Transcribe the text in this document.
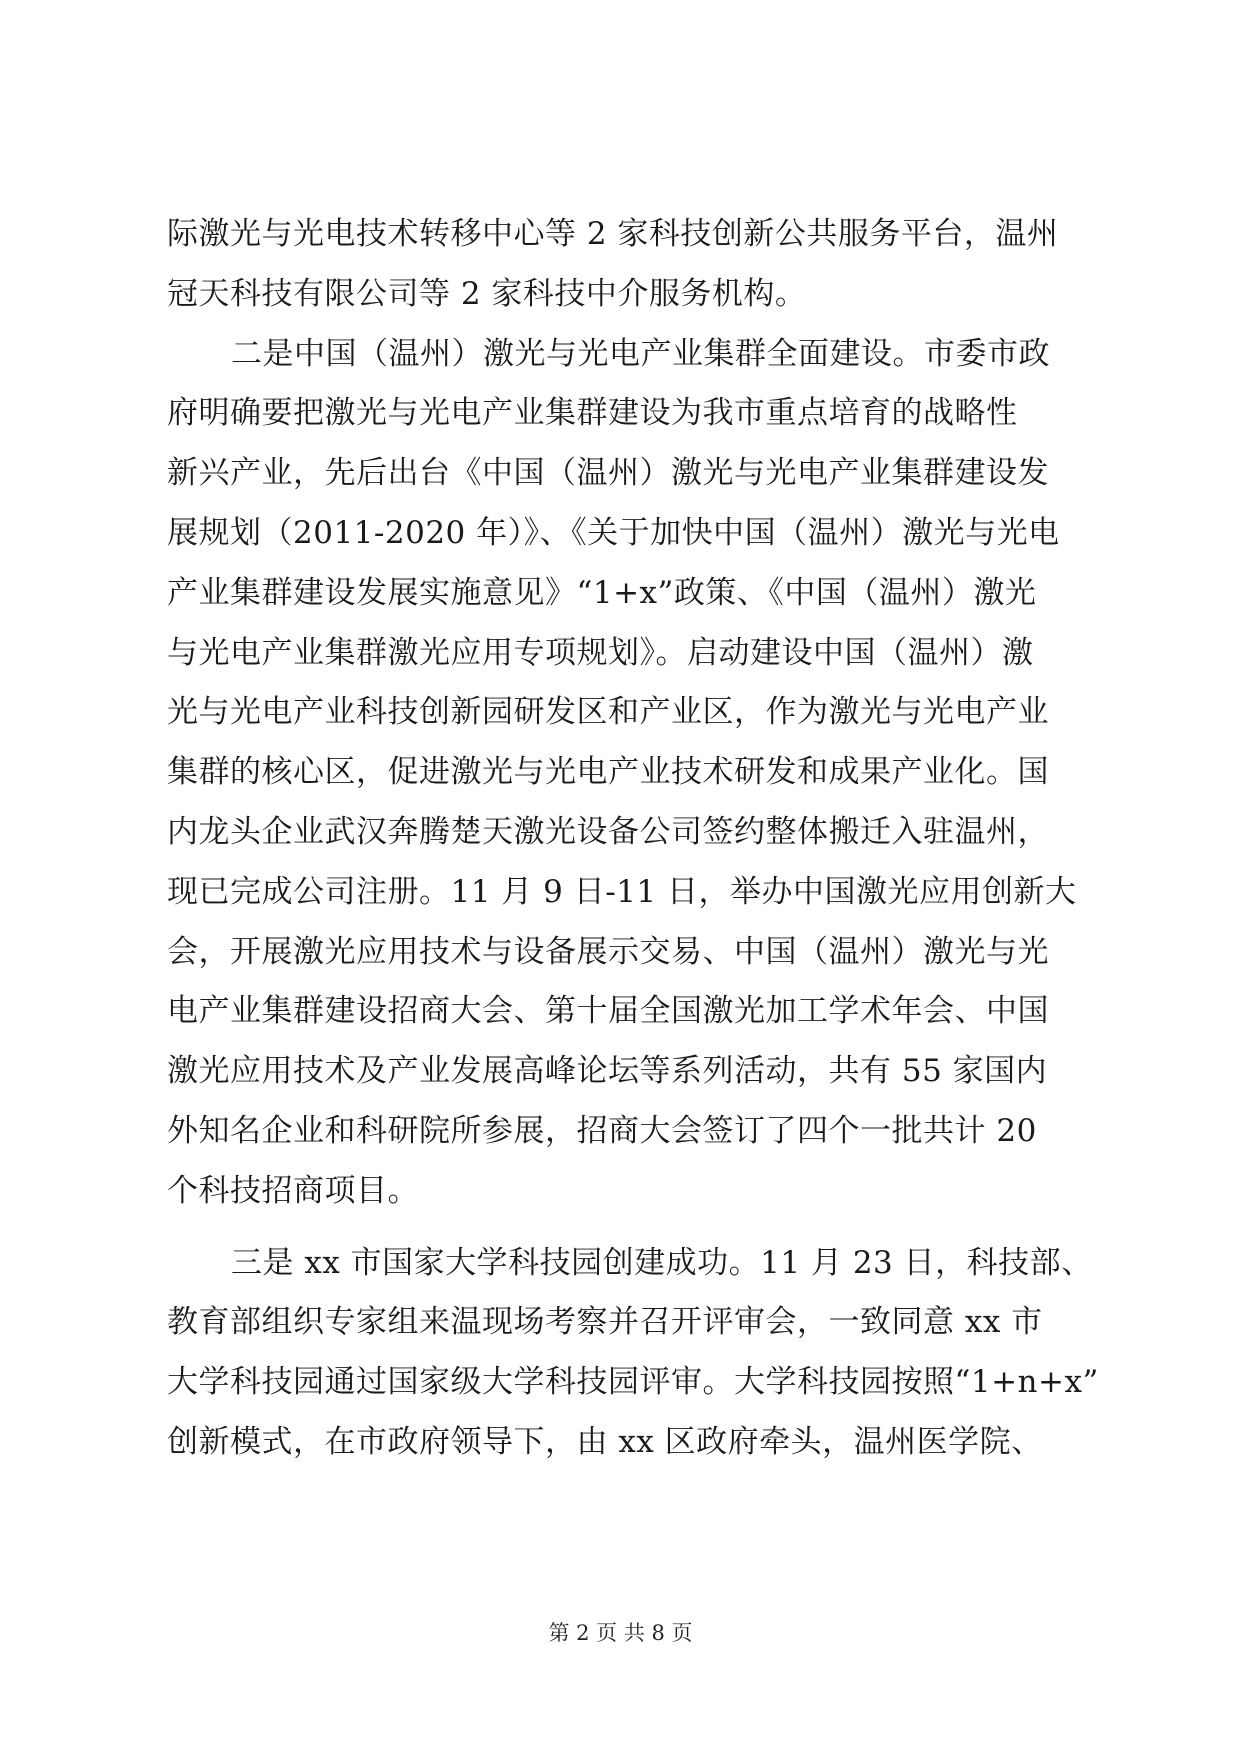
际激光与光电技术转移中心等 2 家科技创新公共服务平台，温州
冠天科技有限公司等 2 家科技中介服务机构。
二是中国（温州）激光与光电产业集群全面建设。市委市政
府明确要把激光与光电产业集群建设为我市重点培育的战略性
新兴产业，先后出台《中国（温州）激光与光电产业集群建设发
展规划（2011-2020 年）》、《关于加快中国（温州）激光与光电
产业集群建设发展实施意见》“1+x”政策、《中国（温州）激光
与光电产业集群激光应用专项规划》。启动建设中国（温州）激
光与光电产业科技创新园研发区和产业区，作为激光与光电产业
集群的核心区，促进激光与光电产业技术研发和成果产业化。国
内龙头企业武汉奔腾楚天激光设备公司签约整体搬迁入驻温州，
现已完成公司注册。11 月 9 日-11 日，举办中国激光应用创新大
会，开展激光应用技术与设备展示交易、中国（温州）激光与光
电产业集群建设招商大会、第十届全国激光加工学术年会、中国
激光应用技术及产业发展高峰论坛等系列活动，共有 55 家国内
外知名企业和科研院所参展，招商大会签订了四个一批共计 20
个科技招商项目。
三是 xx 市国家大学科技园创建成功。11 月 23 日，科技部、
教育部组织专家组来温现场考察并召开评审会，一致同意 xx 市
大学科技园通过国家级大学科技园评审。大学科技园按照“1+n+x”
创新模式，在市政府领导下，由 xx 区政府牵头，温州医学院、
第 2 页 共 8 页
